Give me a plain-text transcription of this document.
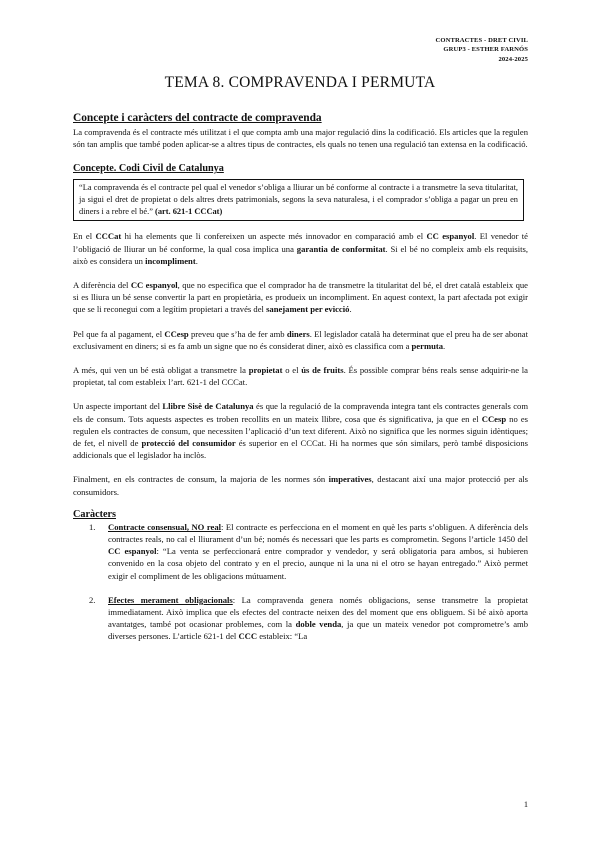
CONTRACTES - DRET CIVIL
GRUP3 - ESTHER FARNÓS
2024-2025
TEMA 8. COMPRAVENDA I PERMUTA
Concepte i caràcters del contracte de compravenda

La compravenda és el contracte més utilitzat i el que compta amb una major regulació dins la codificació. Els articles que la regulen són tan amplis que també poden aplicar-se a altres tipus de contractes, els quals no tenen una regulació tan extensa en la codificació.

Concepte. Codi Civil de Catalunya
“La compravenda és el contracte pel qual el venedor s’obliga a lliurar un bé conforme al contracte i a transmetre la seva titularitat, ja sigui el dret de propietat o dels altres drets patrimonials, segons la seva naturalesa, i el comprador s’obliga a pagar un preu en diners i a rebre el bé.” (art. 621-1 CCCat)

En el CCCat hi ha elements que li confereixen un aspecte més innovador en comparació amb el CC espanyol. El venedor té l’obligació de lliurar un bé conforme, la qual cosa implica una garantia de conformitat. Si el bé no compleix amb els requisits, això es considera un incompliment.

A diferència del CC espanyol, que no especifica que el comprador ha de transmetre la titularitat del bé, el dret català estableix que si es lliura un bé sense convertir la part en propietària, es produeix un incompliment. En aquest context, la part afectada pot exigir que se li reconegui com a legítim propietari a través del sanejament per evicció.

Pel que fa al pagament, el CCesp preveu que s’ha de fer amb diners. El legislador català ha determinat que el preu ha de ser abonat exclusivament en diners; si es fa amb un signe que no és considerat diner, això es classifica com a permuta.

A més, qui ven un bé està obligat a transmetre la propietat o el ús de fruits. És possible comprar béns reals sense adquirir-ne la propietat, tal com estableix l’art. 621-1 del CCCat.

Un aspecte important del Llibre Sisè de Catalunya és que la regulació de la compravenda integra tant els contractes generals com els de consum. Tots aquests aspectes es troben recollits en un mateix llibre, cosa que és significativa, ja que en el CCesp no es regulen els contractes de consum, que necessiten l’aplicació d’un text diferent. Això no significa que les normes siguin idèntiques; de fet, el nivell de protecció del consumidor és superior en el CCCat. Hi ha normes que són similars, però també disposicions addicionals que el legislador ha inclòs.

Finalment, en els contractes de consum, la majoria de les normes són imperatives, destacant així una major protecció per als consumidors.

Caràcters
1. Contracte consensual, NO real: El contracte es perfecciona en el moment en què les parts s’obliguen. A diferència dels contractes reals, no cal el lliurament d’un bé; només és necessari que les parts es comprometin. Segons l’article 1450 del CC espanyol: “La venta se perfeccionará entre comprador y vendedor, y será obligatoria para ambos, si hubieren convenido en la cosa objeto del contrato y en el precio, aunque ni la una ni el otro se hayan entregado.” Això permet exigir el compliment de les obligacions mútuament.

2. Efectes merament obligacionals: La compravenda genera només obligacions, sense transmetre la propietat immediatament. Això implica que els efectes del contracte neixen des del moment que ens obliguem. Si bé això aporta avantatges, també pot ocasionar problemes, com la doble venda, ja que un mateix venedor pot comprometre’s amb diverses persones. L’article 621-1 del CCC estableix: “La

1
